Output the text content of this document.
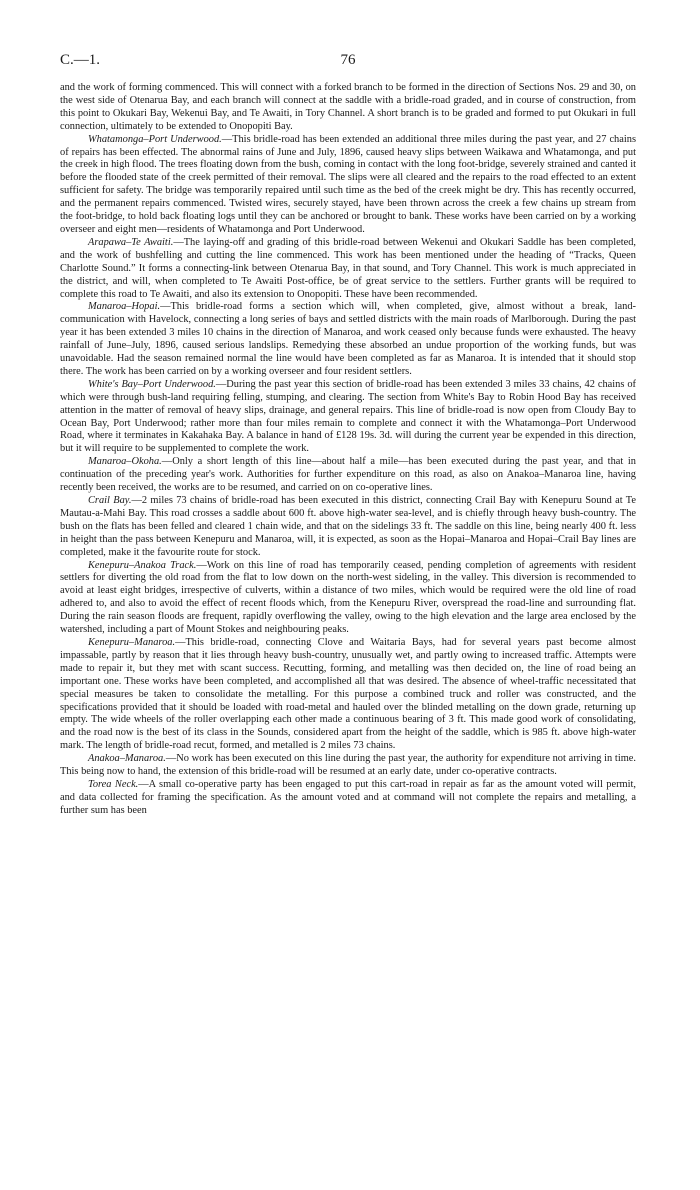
C.—1.	76

and the work of forming commenced. This will connect with a forked branch to be formed in the direction of Sections Nos. 29 and 30, on the west side of Otenarua Bay, and each branch will connect at the saddle with a bridle-road graded, and in course of construction, from this point to Okukari Bay, Wekenui Bay, and Te Awaiti, in Tory Channel. A short branch is to be graded and formed to put Okukari in full connection, ultimately to be extended to Onopopiti Bay.

Whatamonga–Port Underwood.—This bridle-road has been extended an additional three miles during the past year, and 27 chains of repairs has been effected. The abnormal rains of June and July, 1896, caused heavy slips between Waikawa and Whatamonga, and put the creek in high flood. The trees floating down from the bush, coming in contact with the long foot-bridge, severely strained and canted it before the flooded state of the creek permitted of their removal. The slips were all cleared and the repairs to the road effected to an extent sufficient for safety. The bridge was temporarily repaired until such time as the bed of the creek might be dry. This has recently occurred, and the permanent repairs commenced. Twisted wires, securely stayed, have been thrown across the creek a few chains up stream from the foot-bridge, to hold back floating logs until they can be anchored or brought to bank. These works have been carried on by a working overseer and eight men—residents of Whatamonga and Port Underwood.

Arapawa–Te Awaiti.—The laying-off and grading of this bridle-road between Wekenui and Okukari Saddle has been completed, and the work of bushfelling and cutting the line commenced. This work has been mentioned under the heading of “Tracks, Queen Charlotte Sound.” It forms a connecting-link between Otenarua Bay, in that sound, and Tory Channel. This work is much appreciated in the district, and will, when completed to Te Awaiti Post-office, be of great service to the settlers. Further grants will be required to complete this road to Te Awaiti, and also its extension to Onopopiti. These have been recommended.

Manaroa–Hopai.—This bridle-road forms a section which will, when completed, give, almost without a break, land-communication with Havelock, connecting a long series of bays and settled districts with the main roads of Marlborough. During the past year it has been extended 3 miles 10 chains in the direction of Manaroa, and work ceased only because funds were exhausted. The heavy rainfall of June–July, 1896, caused serious landslips. Remedying these absorbed an undue proportion of the working funds, but was unavoidable. Had the season remained normal the line would have been completed as far as Manaroa. It is intended that it should stop there. The work has been carried on by a working overseer and four resident settlers.

White's Bay–Port Underwood.—During the past year this section of bridle-road has been extended 3 miles 33 chains, 42 chains of which were through bush-land requiring felling, stumping, and clearing. The section from White's Bay to Robin Hood Bay has received attention in the matter of removal of heavy slips, drainage, and general repairs. This line of bridle-road is now open from Cloudy Bay to Ocean Bay, Port Underwood; rather more than four miles remain to complete and connect it with the Whatamonga–Port Underwood Road, where it terminates in Kakahaka Bay. A balance in hand of £128 19s. 3d. will during the current year be expended in this direction, but it will require to be supplemented to complete the work.

Manaroa–Okoha.—Only a short length of this line—about half a mile—has been executed during the past year, and that in continuation of the preceding year's work. Authorities for further expenditure on this road, as also on Anakoa–Manaroa line, having recently been received, the works are to be resumed, and carried on on co-operative lines.

Crail Bay.—2 miles 73 chains of bridle-road has been executed in this district, connecting Crail Bay with Kenepuru Sound at Te Mautau-a-Mahi Bay. This road crosses a saddle about 600 ft. above high-water sea-level, and is chiefly through heavy bush-country. The bush on the flats has been felled and cleared 1 chain wide, and that on the sidelings 33 ft. The saddle on this line, being nearly 400 ft. less in height than the pass between Kenepuru and Manaroa, will, it is expected, as soon as the Hopai–Manaroa and Hopai–Crail Bay lines are completed, make it the favourite route for stock.

Kenepuru–Anakoa Track.—Work on this line of road has temporarily ceased, pending completion of agreements with resident settlers for diverting the old road from the flat to low down on the north-west sideling, in the valley. This diversion is recommended to avoid at least eight bridges, irrespective of culverts, within a distance of two miles, which would be required were the old line of road adhered to, and also to avoid the effect of recent floods which, from the Kenepuru River, overspread the road-line and surrounding flat. During the rain season floods are frequent, rapidly overflowing the valley, owing to the high elevation and the large area enclosed by the watershed, including a part of Mount Stokes and neighbouring peaks.

Kenepuru–Manaroa.—This bridle-road, connecting Clove and Waitaria Bays, had for several years past become almost impassable, partly by reason that it lies through heavy bush-country, unusually wet, and partly owing to increased traffic. Attempts were made to repair it, but they met with scant success. Recutting, forming, and metalling was then decided on, the line of road being an important one. These works have been completed, and accomplished all that was desired. The absence of wheel-traffic necessitated that special measures be taken to consolidate the metalling. For this purpose a combined truck and roller was constructed, and the specifications provided that it should be loaded with road-metal and hauled over the blinded metalling on the down grade, returning up empty. The wide wheels of the roller overlapping each other made a continuous bearing of 3 ft. This made good work of consolidating, and the road now is the best of its class in the Sounds, considered apart from the height of the saddle, which is 985 ft. above high-water mark. The length of bridle-road recut, formed, and metalled is 2 miles 73 chains.

Anakoa–Manaroa.—No work has been executed on this line during the past year, the authority for expenditure not arriving in time. This being now to hand, the extension of this bridle-road will be resumed at an early date, under co-operative contracts.

Torea Neck.—A small co-operative party has been engaged to put this cart-road in repair as far as the amount voted will permit, and data collected for framing the specification. As the amount voted and at command will not complete the repairs and metalling, a further sum has been
